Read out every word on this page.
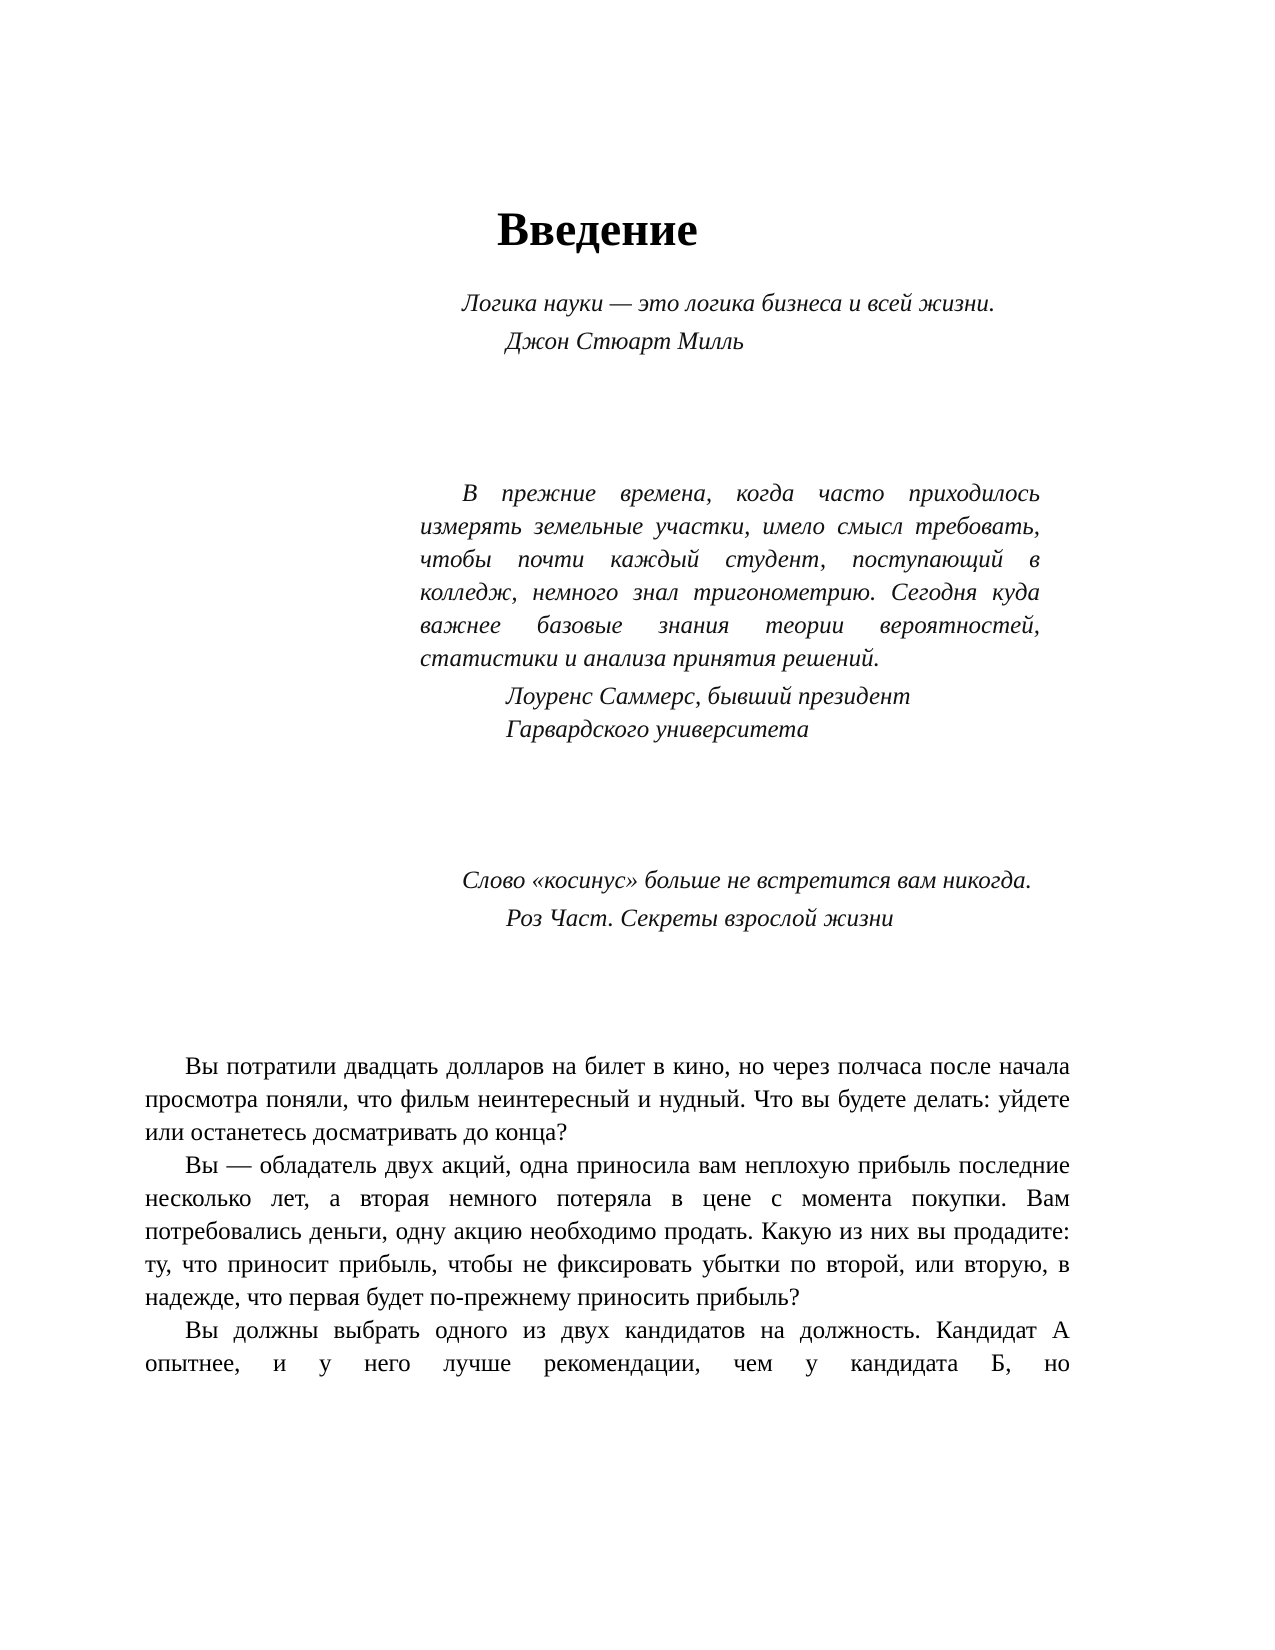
Введение

Логика науки — это логика бизнеса и всей жизни.

Джон Стюарт Милль

В прежние времена, когда часто приходилось измерять земельные участки, имело смысл требовать, чтобы почти каждый студент, поступающий в колледж, немного знал тригонометрию. Сегодня куда важнее базовые знания теории вероятностей, статистики и анализа принятия решений.

Лоуренс Саммерс, бывший президент
Гарвардского университета

Слово «косинус» больше не встретится вам никогда.

Роз Част. Секреты взрослой жизни

Вы потратили двадцать долларов на билет в кино, но через полчаса после начала просмотра поняли, что фильм неинтересный и нудный. Что вы будете делать: уйдете или останетесь досматривать до конца?

Вы — обладатель двух акций, одна приносила вам неплохую прибыль последние несколько лет, а вторая немного потеряла в цене с момента покупки. Вам потребовались деньги, одну акцию необходимо продать. Какую из них вы продадите: ту, что приносит прибыль, чтобы не фиксировать убытки по второй, или вторую, в надежде, что первая будет по-прежнему приносить прибыль?

Вы должны выбрать одного из двух кандидатов на должность. Кандидат А опытнее, и у него лучше рекомендации, чем у кандидата Б, но
